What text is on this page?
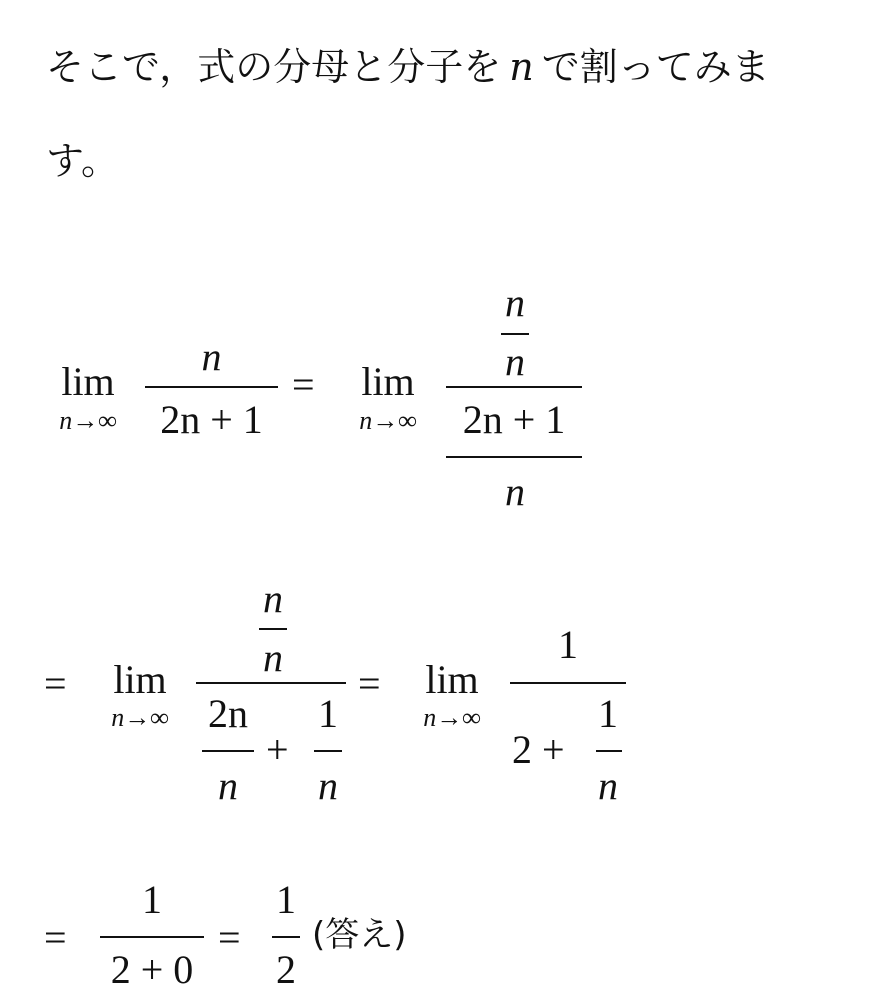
そこで，式の分母と分子を n で割ってみま
す。
lim
n→∞
n
2n + 1
=	lim
n→∞
n
n
2n + 1
n
=	lim
n→∞
n
n
2n
n
+
1
n
=	lim
n→∞
1
2 +
1
n
=
1
2 + 0
=
1
2
(答え)
